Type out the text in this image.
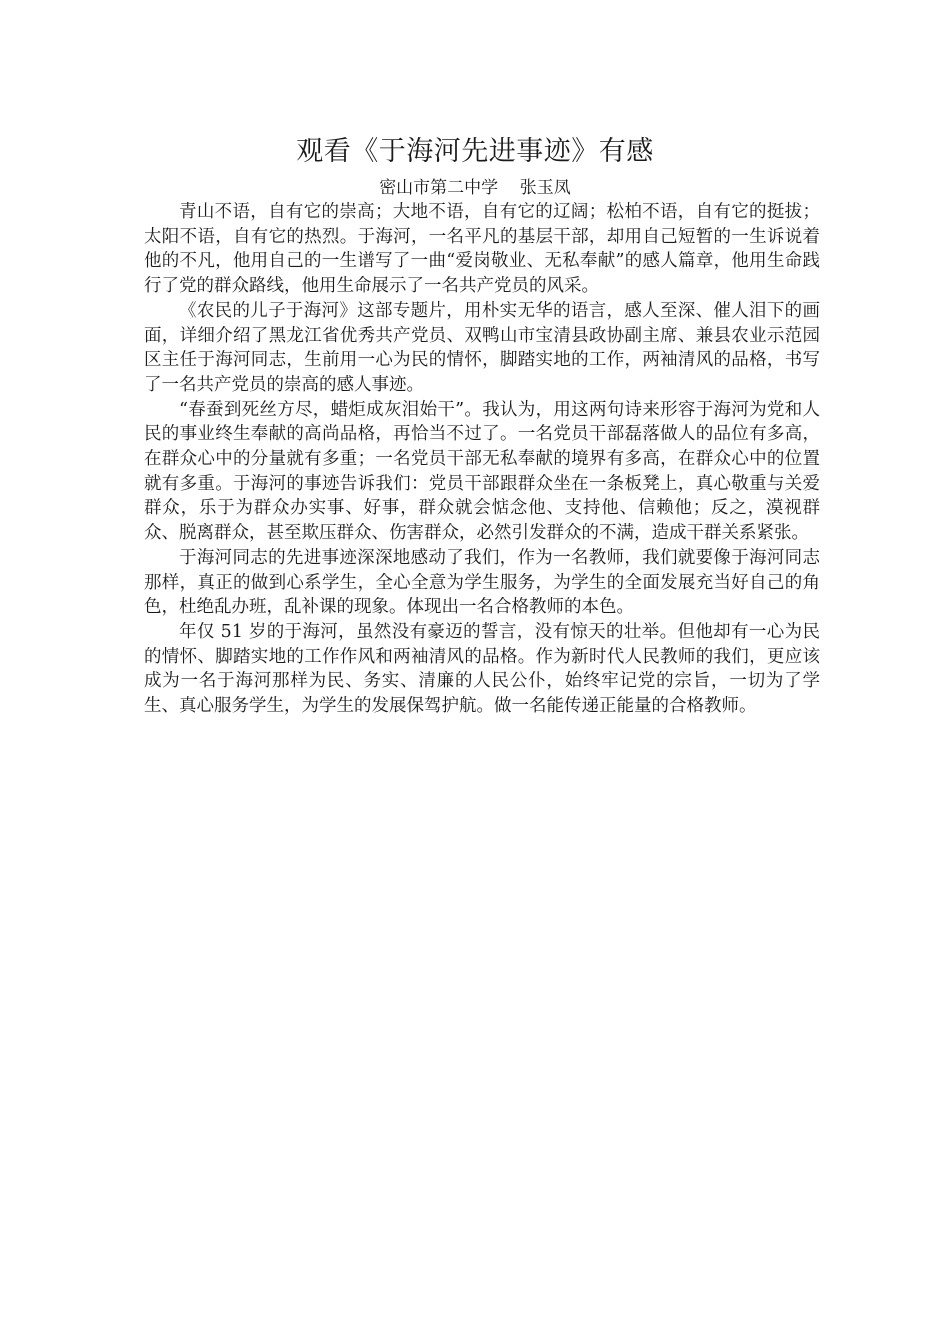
观看《于海河先进事迹》有感

密山市第二中学    张玉凤

青山不语，自有它的崇高；大地不语，自有它的辽阔；松柏不语，自有它的挺拔；太阳不语，自有它的热烈。于海河，一名平凡的基层干部，却用自己短暂的一生诉说着他的不凡，他用自己的一生谱写了一曲“爱岗敬业、无私奉献”的感人篇章，他用生命践行了党的群众路线，他用生命展示了一名共产党员的风采。

《农民的儿子于海河》这部专题片，用朴实无华的语言，感人至深、催人泪下的画面，详细介绍了黑龙江省优秀共产党员、双鸭山市宝清县政协副主席、兼县农业示范园区主任于海河同志，生前用一心为民的情怀，脚踏实地的工作，两袖清风的品格，书写了一名共产党员的崇高的感人事迹。

“春蚕到死丝方尽，蜡炬成灰泪始干”。我认为，用这两句诗来形容于海河为党和人民的事业终生奉献的高尚品格，再恰当不过了。一名党员干部磊落做人的品位有多高，在群众心中的分量就有多重；一名党员干部无私奉献的境界有多高，在群众心中的位置就有多重。于海河的事迹告诉我们：党员干部跟群众坐在一条板凳上，真心敬重与关爱群众，乐于为群众办实事、好事，群众就会惦念他、支持他、信赖他；反之，漠视群众、脱离群众，甚至欺压群众、伤害群众，必然引发群众的不满，造成干群关系紧张。

于海河同志的先进事迹深深地感动了我们，作为一名教师，我们就要像于海河同志那样，真正的做到心系学生，全心全意为学生服务，为学生的全面发展充当好自己的角色，杜绝乱办班，乱补课的现象。体现出一名合格教师的本色。

年仅 51 岁的于海河，虽然没有豪迈的誓言，没有惊天的壮举。但他却有一心为民的情怀、脚踏实地的工作作风和两袖清风的品格。作为新时代人民教师的我们，更应该成为一名于海河那样为民、务实、清廉的人民公仆，始终牢记党的宗旨，一切为了学生、真心服务学生，为学生的发展保驾护航。做一名能传递正能量的合格教师。
